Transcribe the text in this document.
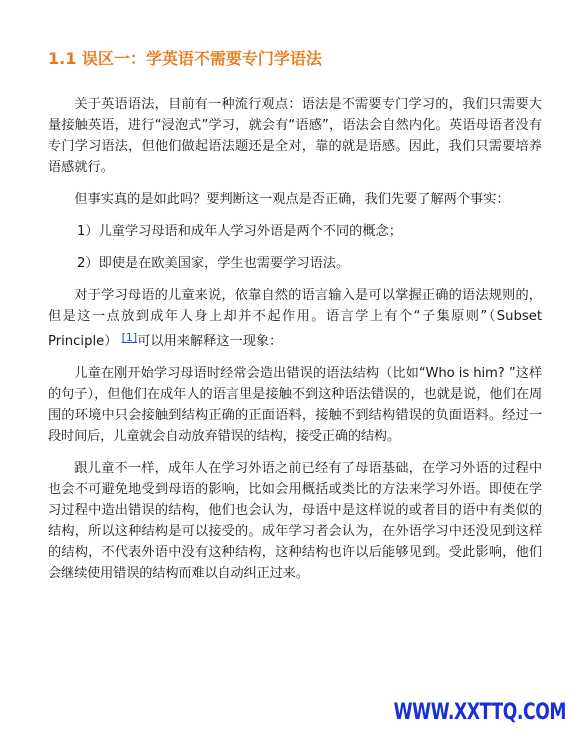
1.1 误区一：学英语不需要专门学语法

关于英语语法，目前有一种流行观点：语法是不需要专门学习的，我们只需要大量接触英语，进行“浸泡式”学习，就会有“语感”，语法会自然内化。英语母语者没有专门学习语法，但他们做起语法题还是全对，靠的就是语感。因此，我们只需要培养语感就行。

但事实真的是如此吗？要判断这一观点是否正确，我们先要了解两个事实：

1）儿童学习母语和成年人学习外语是两个不同的概念；

2）即使是在欧美国家，学生也需要学习语法。

对于学习母语的儿童来说，依靠自然的语言输入是可以掌握正确的语法规则的，但是这一点放到成年人身上却并不起作用。语言学上有个“子集原则”（Subset Principle） [1]可以用来解释这一现象：

儿童在刚开始学习母语时经常会造出错误的语法结构（比如“Who is him? ”这样的句子），但他们在成年人的语言里是接触不到这种语法错误的，也就是说，他们在周围的环境中只会接触到结构正确的正面语料，接触不到结构错误的负面语料。经过一段时间后，儿童就会自动放弃错误的结构，接受正确的结构。

跟儿童不一样，成年人在学习外语之前已经有了母语基础，在学习外语的过程中也会不可避免地受到母语的影响，比如会用概括或类比的方法来学习外语。即使在学习过程中造出错误的结构，他们也会认为，母语中是这样说的或者目的语中有类似的结构，所以这种结构是可以接受的。成年学习者会认为，在外语学习中还没见到这样的结构，不代表外语中没有这种结构，这种结构也许以后能够见到。受此影响，他们会继续使用错误的结构而难以自动纠正过来。

WWW.XXTTQ.COM
